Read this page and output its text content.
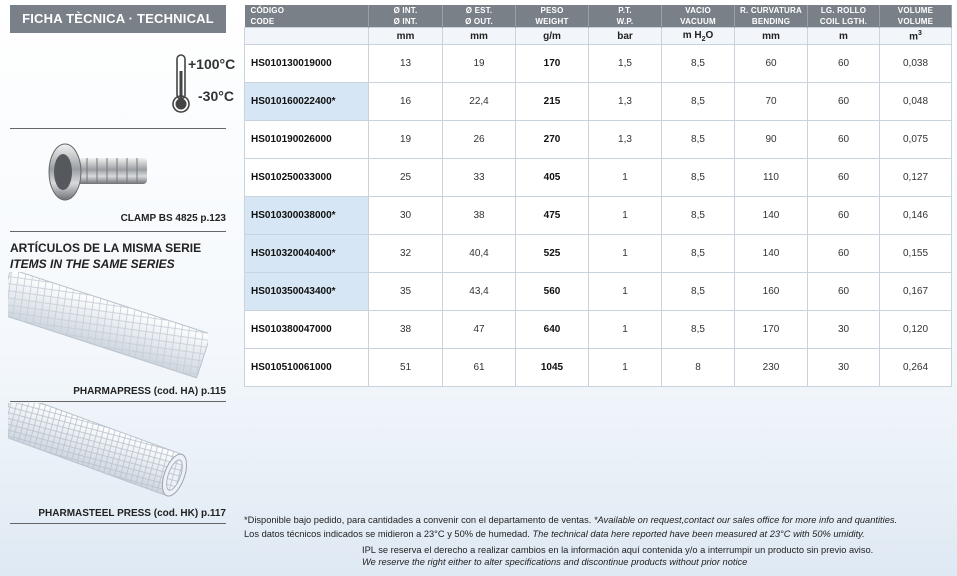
FICHA TÈCNICA · TECHNICAL DATA
+100°C
-30°C
CLAMP BS 4825 p.123
ARTÍCULOS DE LA MISMA SERIE
ITEMS IN THE SAME SERIES
PHARMAPRESS (cod. HA) p.115
PHARMASTEEL PRESS (cod. HK) p.117
CÓDIGO	Ø INT.	Ø EST.	PESO	P.T.	VACIO	R. CURVATURA	LG. ROLLO	VOLUME
CODE	Ø INT.	Ø OUT.	WEIGHT	W.P.	VACUUM	BENDING	COIL LGTH.	VOLUME
	mm	mm	g/m	bar	m $H_2O$	mm	m	$m^3$
HS010130019000	13	19	170	1,5	8,5	60	60	0,038
HS010160022400*	16	22,4	215	1,3	8,5	70	60	0,048
HS010190026000	19	26	270	1,3	8,5	90	60	0,075
HS010250033000	25	33	405	1	8,5	110	60	0,127
HS010300038000*	30	38	475	1	8,5	140	60	0,146
HS010320040400*	32	40,4	525	1	8,5	140	60	0,155
HS010350043400*	35	43,4	560	1	8,5	160	60	0,167
HS010380047000	38	47	640	1	8,5	170	30	0,120
HS010510061000	51	61	1045	1	8	230	30	0,264
*Disponible bajo pedido, para cantidades a convenir con el departamento de ventas. *Available on request,contact our sales office for more info and quantities.
Los datos técnicos indicados se midieron a 23°C y 50% de humedad. The technical data here reported have been measured at 23°C with 50% umidity.
IPL se reserva el derecho a realizar cambios en la información aquí contenida y/o a interrumpir un producto sin previo aviso.
We reserve the right either to alter specifications and discontinue products without prior notice
